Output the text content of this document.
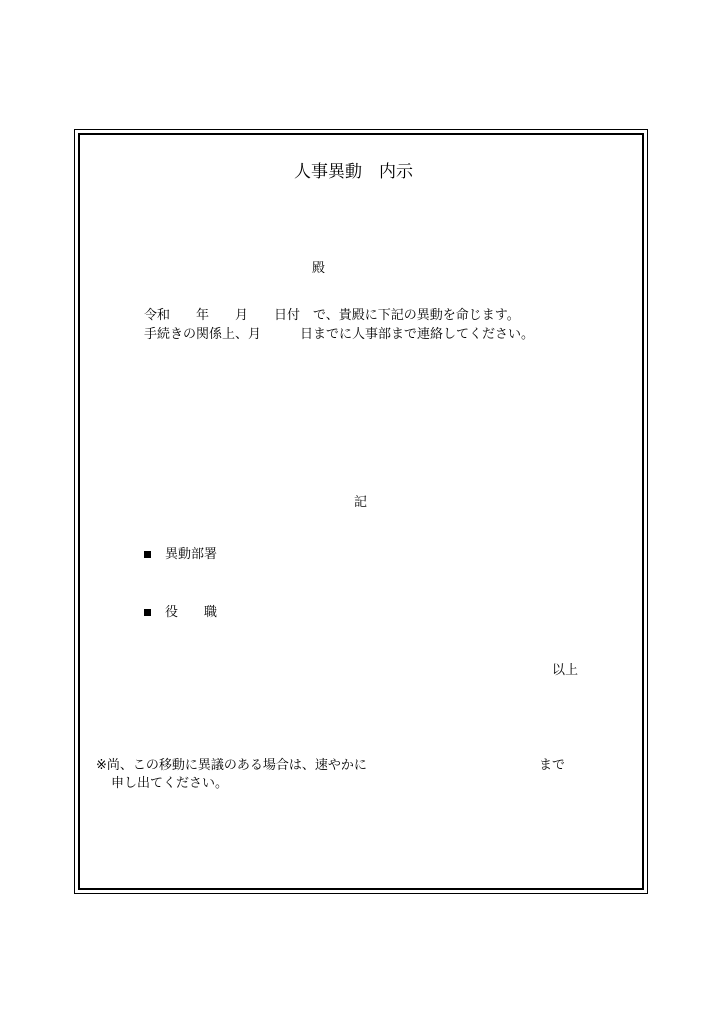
人事異動　内示
殿
令和　　年　　月　　日付　で、貴殿に下記の異動を命じます。
手続きの関係上、月　　　日までに人事部まで連絡してください。
記
異動部署
役　　職
以上
※尚、この移動に異議のある場合は、速やかに	まで
申し出てください。
